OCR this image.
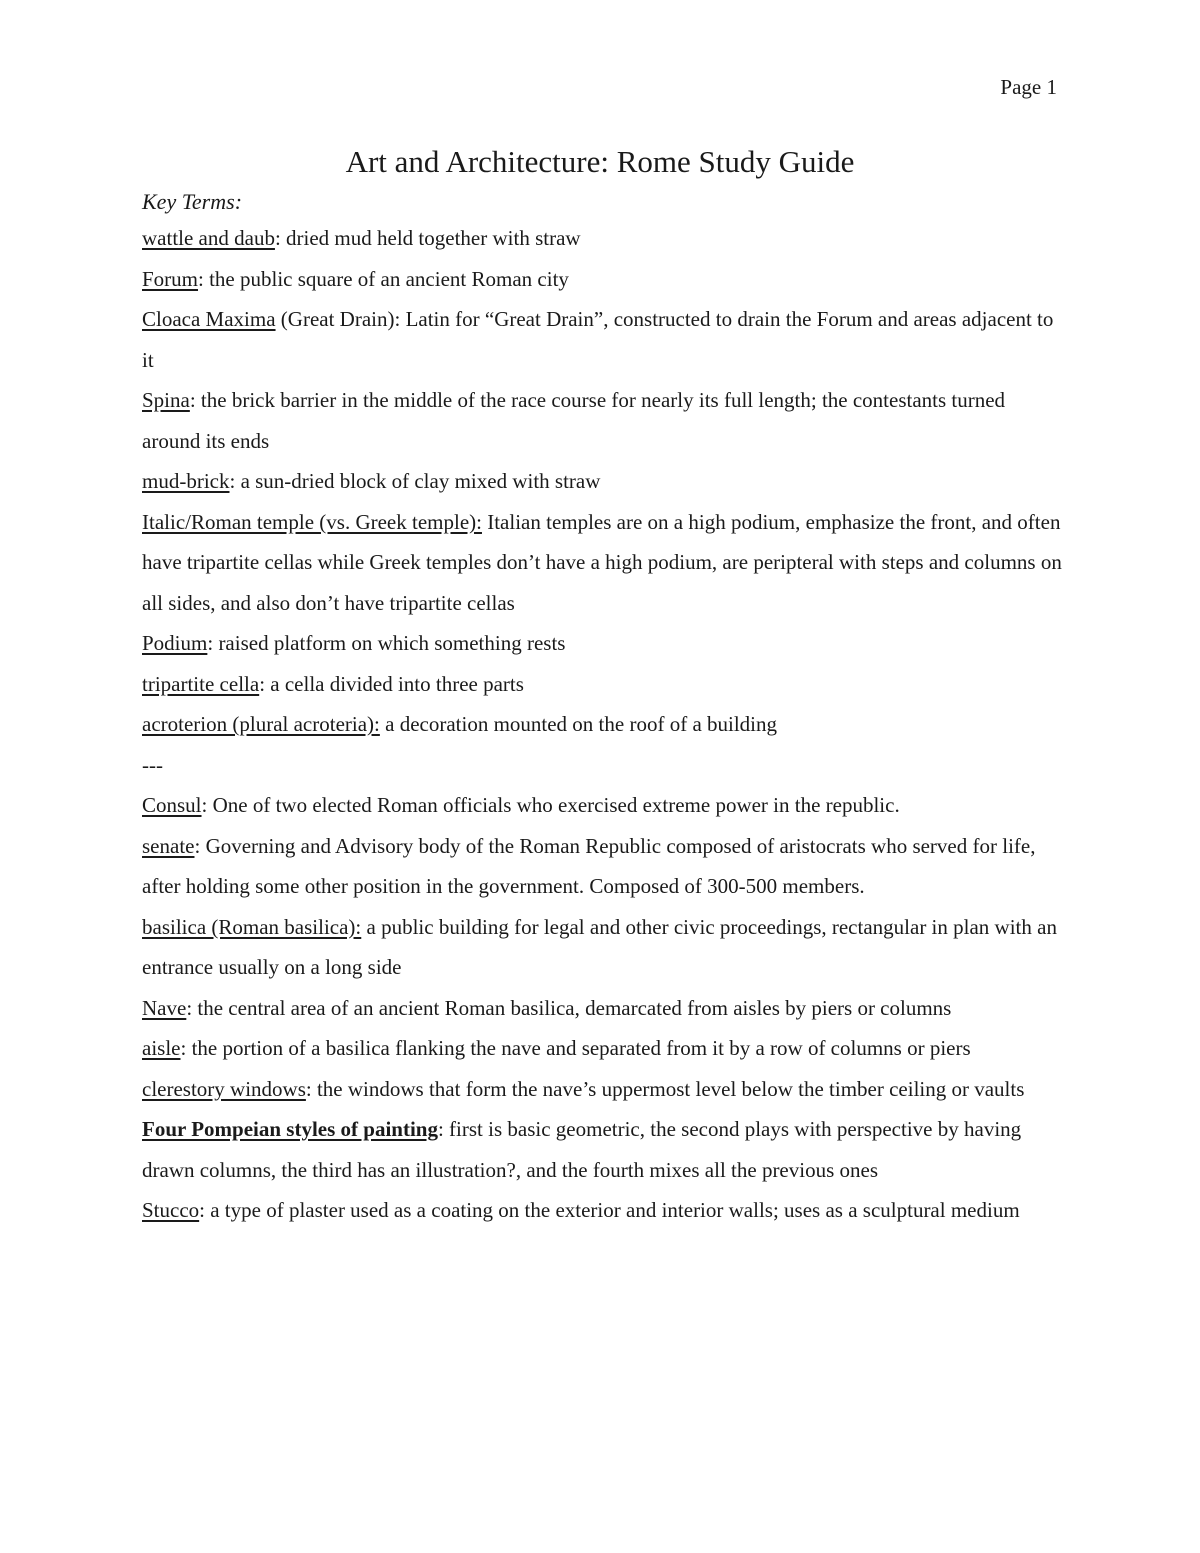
Page 1
Art and Architecture: Rome Study Guide
Key Terms:

wattle and daub: dried mud held together with straw

Forum: the public square of an ancient Roman city

Cloaca Maxima (Great Drain): Latin for “Great Drain”, constructed to drain the Forum and areas adjacent to it

Spina: the brick barrier in the middle of the race course for nearly its full length; the contestants turned around its ends

mud-brick: a sun-dried block of clay mixed with straw

Italic/Roman temple (vs. Greek temple): Italian temples are on a high podium, emphasize the front, and often have tripartite cellas while Greek temples don’t have a high podium, are peripteral with steps and columns on all sides, and also don’t have tripartite cellas

Podium: raised platform on which something rests

tripartite cella: a cella divided into three parts

acroterion (plural acroteria): a decoration mounted on the roof of a building

---

Consul: One of two elected Roman officials who exercised extreme power in the republic.

senate: Governing and Advisory body of the Roman Republic composed of aristocrats who served for life, after holding some other position in the government. Composed of 300-500 members.

basilica (Roman basilica): a public building for legal and other civic proceedings, rectangular in plan with an entrance usually on a long side

Nave: the central area of an ancient Roman basilica, demarcated from aisles by piers or columns

aisle: the portion of a basilica flanking the nave and separated from it by a row of columns or piers

clerestory windows: the windows that form the nave’s uppermost level below the timber ceiling or vaults

Four Pompeian styles of painting: first is basic geometric, the second plays with perspective by having drawn columns, the third has an illustration?, and the fourth mixes all the previous ones

Stucco: a type of plaster used as a coating on the exterior and interior walls; uses as a sculptural medium
